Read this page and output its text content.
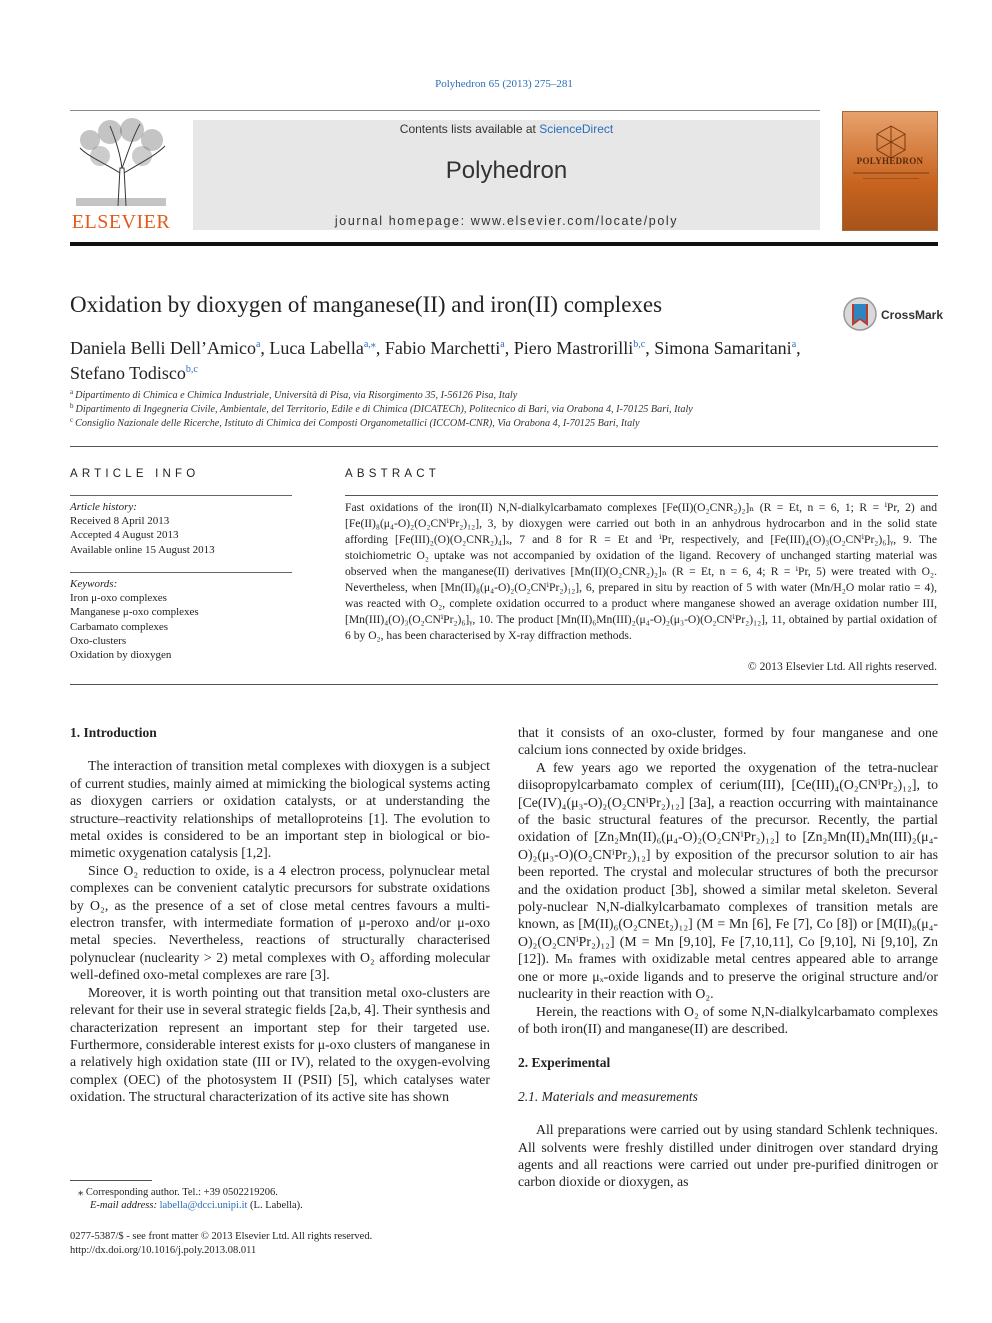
Polyhedron 65 (2013) 275–281
ELSEVIER
Contents lists available at ScienceDirect
Polyhedron
journal homepage: www.elsevier.com/locate/poly
POLYHEDRON
Oxidation by dioxygen of manganese(II) and iron(II) complexes	CrossMark
Daniela Belli Dell’Amico$^a$, Luca Labella$^{a,⁎}$, Fabio Marchetti$^a$, Piero Mastrorilli$^{b,c}$, Simona Samaritani$^a$,
Stefano Todisco$^{b,c}$
$^a$ Dipartimento di Chimica e Chimica Industriale, Università di Pisa, via Risorgimento 35, I-56126 Pisa, Italy
$^b$ Dipartimento di Ingegneria Civile, Ambientale, del Territorio, Edile e di Chimica (DICATECh), Politecnico di Bari, via Orabona 4, I-70125 Bari, Italy
$^c$ Consiglio Nazionale delle Ricerche, Istituto di Chimica dei Composti Organometallici (ICCOM-CNR), Via Orabona 4, I-70125 Bari, Italy
ARTICLE INFO	ABSTRACT
Article history:
Received 8 April 2013
Accepted 4 August 2013
Available online 15 August 2013
Keywords:
Iron μ-oxo complexes
Manganese μ-oxo complexes
Carbamato complexes
Oxo-clusters
Oxidation by dioxygen
Fast oxidations of the iron(II) N,N-dialkylcarbamato complexes [Fe(II)(O₂CNR₂)₂]ₙ (R = Et, n = 6, 1; R = ⁱPr, 2) and [Fe(II)₈(μ₄-O)₂(O₂CNⁱPr₂)₁₂], 3, by dioxygen were carried out both in an anhydrous hydrocarbon and in the solid state affording [Fe(III)₂(O)(O₂CNR₂)₄]ₓ, 7 and 8 for R = Et and ⁱPr, respectively, and [Fe(III)₄(O)₃(O₂CNⁱPr₂)₆]ᵧ, 9. The stoichiometric O₂ uptake was not accompanied by oxidation of the ligand. Recovery of unchanged starting material was observed when the manganese(II) derivatives [Mn(II)(O₂CNR₂)₂]ₙ (R = Et, n = 6, 4; R = ⁱPr, 5) were treated with O₂. Nevertheless, when [Mn(II)₈(μ₄-O)₂(O₂CNⁱPr₂)₁₂], 6, prepared in situ by reaction of 5 with water (Mn/H₂O molar ratio = 4), was reacted with O₂, complete oxidation occurred to a product where manganese showed an average oxidation number III, [Mn(III)₄(O)₃(O₂CNⁱPr₂)₆]ᵧ, 10. The product [Mn(II)₆Mn(III)₂(μ₄-O)₂(μ₃-O)(O₂CNⁱPr₂)₁₂], 11, obtained by partial oxidation of 6 by O₂, has been characterised by X-ray diffraction methods.
© 2013 Elsevier Ltd. All rights reserved.
1. Introduction

The interaction of transition metal complexes with dioxygen is a subject of current studies, mainly aimed at mimicking the biological systems acting as dioxygen carriers or oxidation catalysts, or at understanding the structure–reactivity relationships of metalloproteins [1]. The evolution to metal oxides is considered to be an important step in biological or bio-mimetic oxygenation catalysis [1,2].

Since O₂ reduction to oxide, is a 4 electron process, polynuclear metal complexes can be convenient catalytic precursors for substrate oxidations by O₂, as the presence of a set of close metal centres favours a multi-electron transfer, with intermediate formation of μ-peroxo and/or μ-oxo metal species. Nevertheless, reactions of structurally characterised polynuclear (nuclearity > 2) metal complexes with O₂ affording molecular well-defined oxo-metal complexes are rare [3].

Moreover, it is worth pointing out that transition metal oxo-clusters are relevant for their use in several strategic fields [2a,b, 4]. Their synthesis and characterization represent an important step for their targeted use. Furthermore, considerable interest exists for μ-oxo clusters of manganese in a relatively high oxidation state (III or IV), related to the oxygen-evolving complex (OEC) of the photosystem II (PSII) [5], which catalyses water oxidation. The structural characterization of its active site has shown

that it consists of an oxo-cluster, formed by four manganese and one calcium ions connected by oxide bridges.

A few years ago we reported the oxygenation of the tetra-nuclear diisopropylcarbamato complex of cerium(III), [Ce(III)₄(O₂CNⁱPr₂)₁₂], to [Ce(IV)₄(μ₃-O)₂(O₂CNⁱPr₂)₁₂] [3a], a reaction occurring with maintainance of the basic structural features of the precursor. Recently, the partial oxidation of [Zn₂Mn(II)₆(μ₄-O)₂(O₂CNⁱPr₂)₁₂] to [Zn₂Mn(II)₄Mn(III)₂(μ₄-O)₂(μ₃-O)(O₂CNⁱPr₂)₁₂] by exposition of the precursor solution to air has been reported. The crystal and molecular structures of both the precursor and the oxidation product [3b], showed a similar metal skeleton. Several poly-nuclear N,N-dialkylcarbamato complexes of transition metals are known, as [M(II)₆(O₂CNEt₂)₁₂] (M = Mn [6], Fe [7], Co [8]) or [M(II)₈(μ₄-O)₂(O₂CNⁱPr₂)₁₂] (M = Mn [9,10], Fe [7,10,11], Co [9,10], Ni [9,10], Zn [12]). Mₙ frames with oxidizable metal centres appeared able to arrange one or more μₓ-oxide ligands and to preserve the original structure and/or nuclearity in their reaction with O₂.

Herein, the reactions with O₂ of some N,N-dialkylcarbamato complexes of both iron(II) and manganese(II) are described.

2. Experimental
2.1. Materials and measurements

All preparations were carried out by using standard Schlenk techniques. All solvents were freshly distilled under dinitrogen over standard drying agents and all reactions were carried out under pre-purified dinitrogen or carbon dioxide or dioxygen, as

⁎ Corresponding author. Tel.: +39 0502219206.
E-mail address: labella@dcci.unipi.it (L. Labella).
0277-5387/$ - see front matter © 2013 Elsevier Ltd. All rights reserved.
http://dx.doi.org/10.1016/j.poly.2013.08.011
